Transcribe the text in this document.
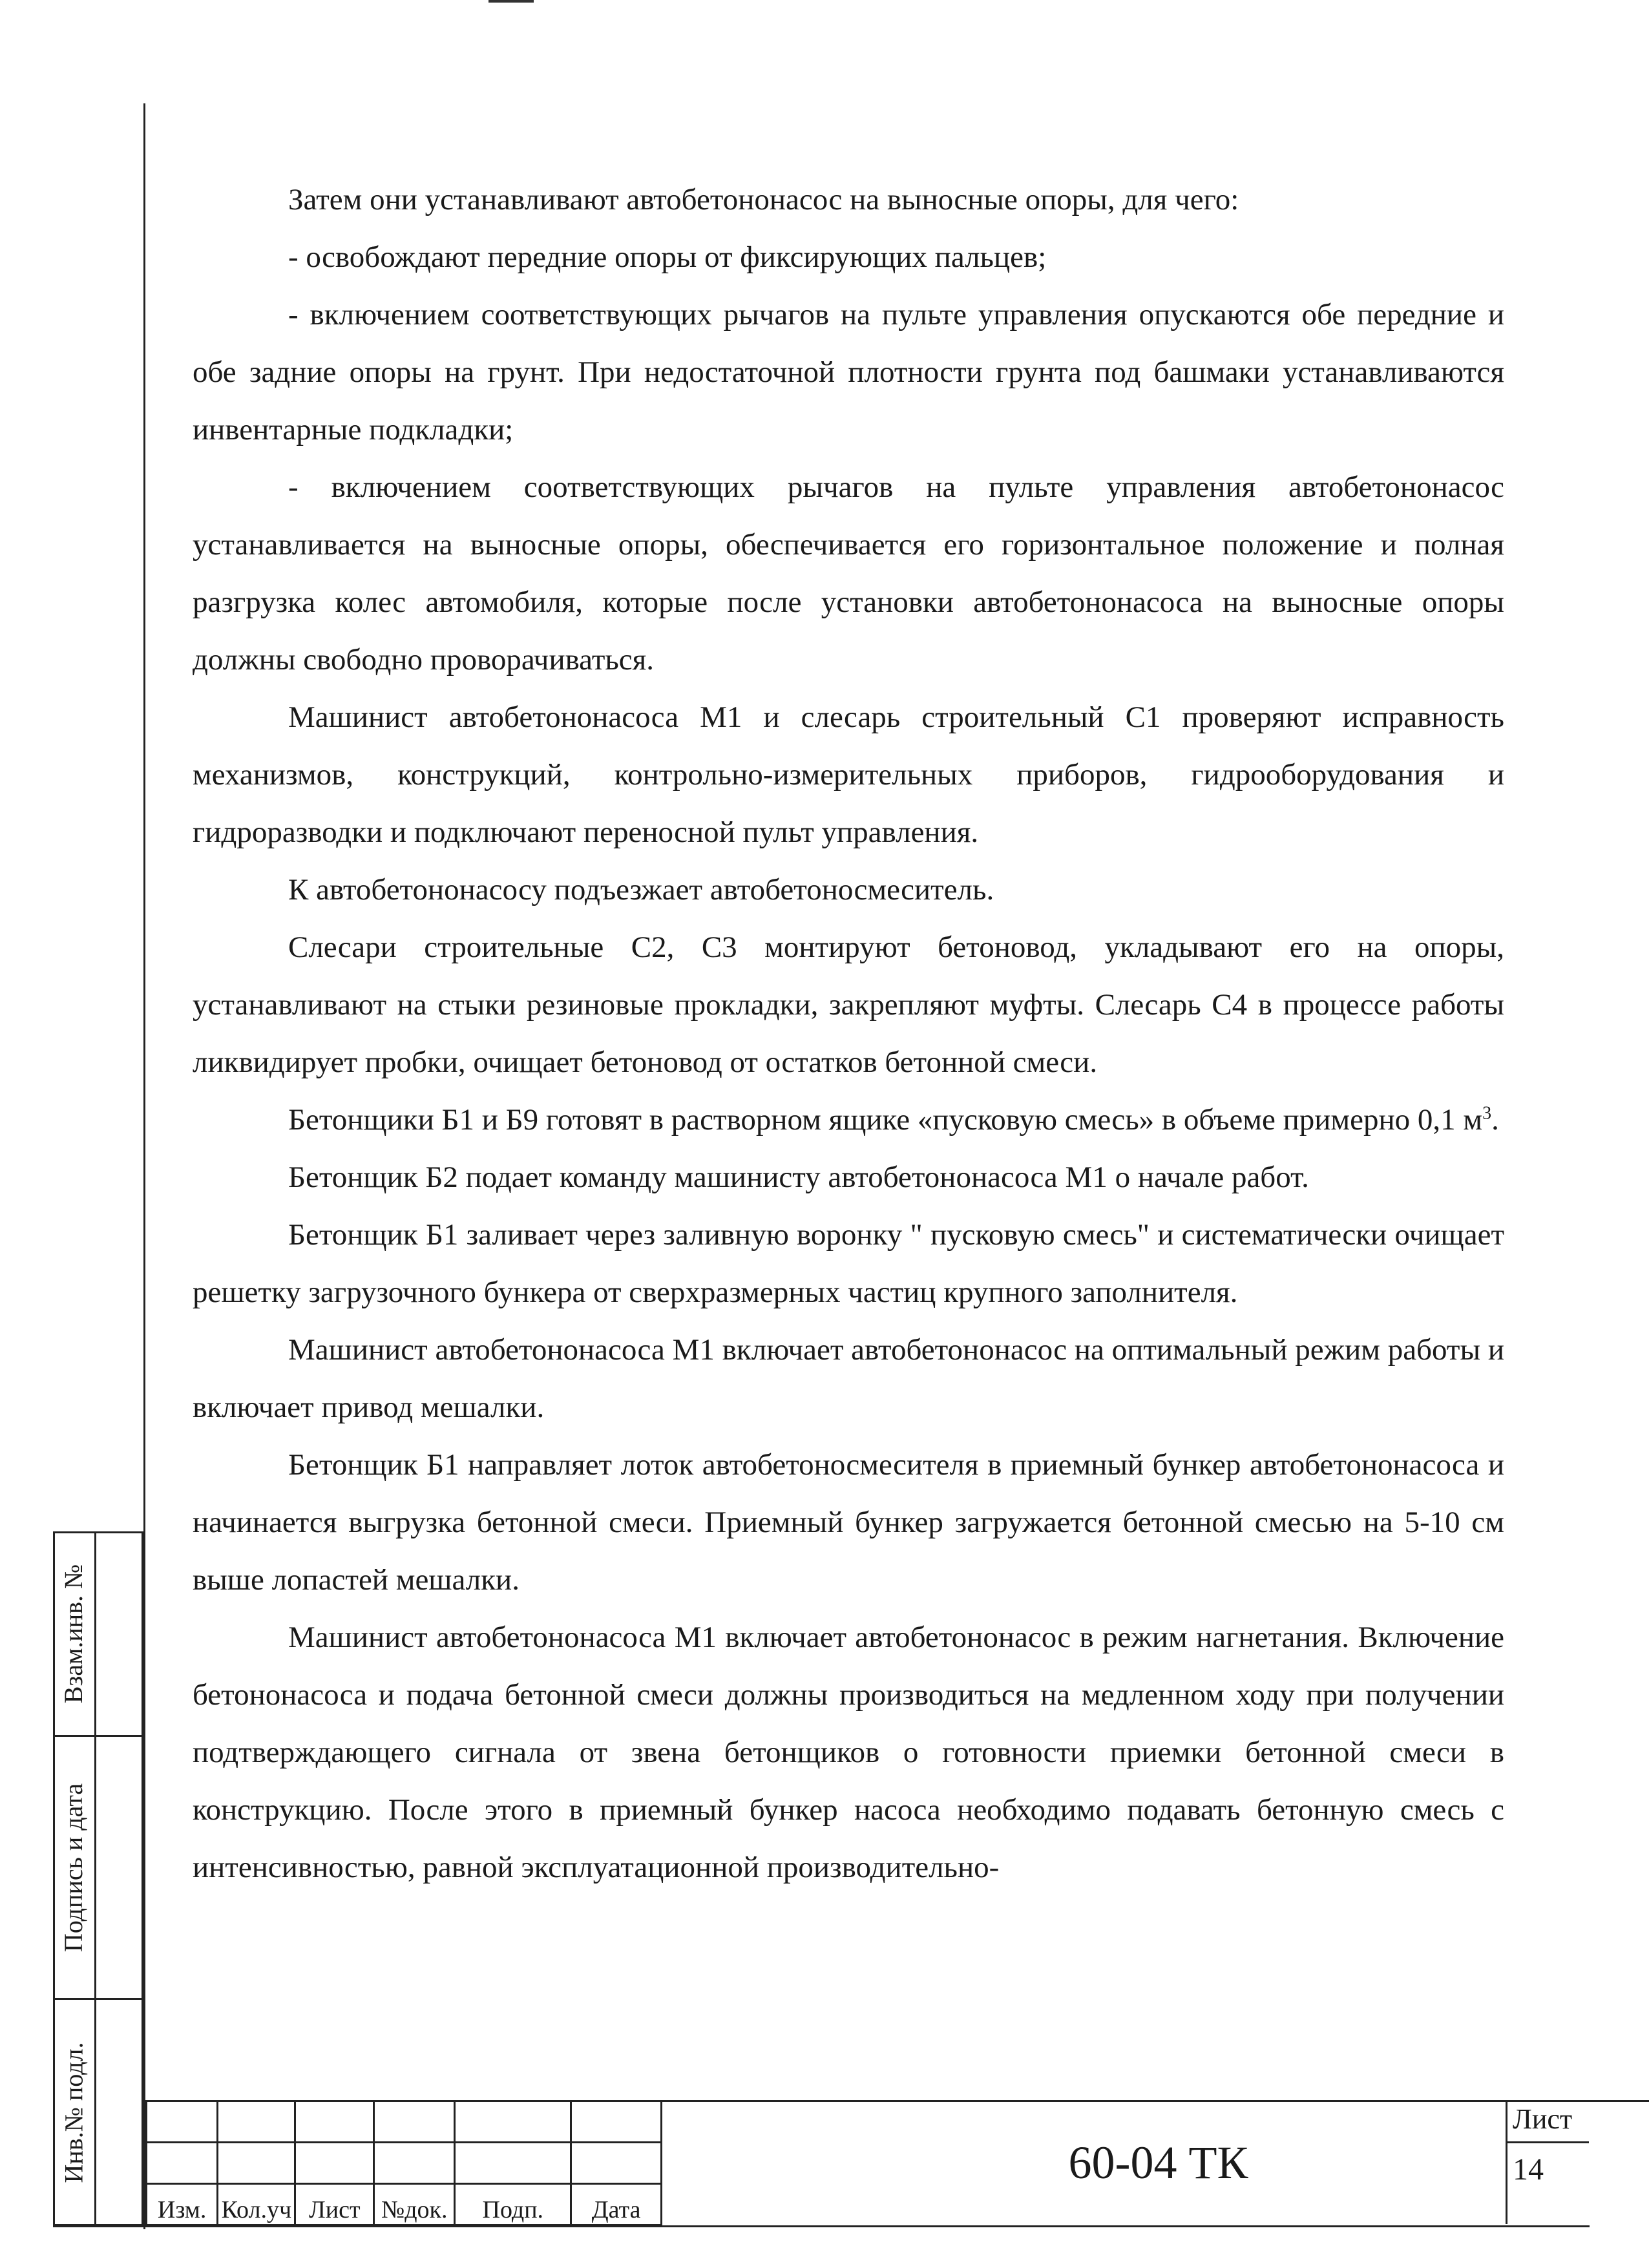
Затем они устанавливают автобетононасос на выносные опоры, для чего:

- освобождают передние опоры от фиксирующих пальцев;

- включением соответствующих рычагов на пульте управления опускаются обе передние и обе задние опоры на грунт. При недостаточной плотности грунта под башмаки устанавливаются инвентарные подкладки;

- включением соответствующих рычагов на пульте управления автобетононасос устанавливается на выносные опоры, обеспечивается его горизонтальное положение и полная разгрузка колес автомобиля, которые после установки автобетононасоса на выносные опоры должны свободно проворачиваться.

Машинист автобетононасоса М1 и слесарь строительный С1 проверяют исправность механизмов, конструкций, контрольно-измерительных приборов, гидрооборудования и гидроразводки и подключают переносной пульт управления.

К автобетононасосу подъезжает автобетоносмеситель.

Слесари строительные С2, С3 монтируют бетоновод, укладывают его на опоры, устанавливают на стыки резиновые прокладки, закрепляют муфты. Слесарь С4 в процессе работы ликвидирует пробки, очищает бетоновод от остатков бетонной смеси.

Бетонщики Б1 и Б9 готовят в растворном ящике «пусковую смесь» в объеме примерно 0,1 $м^3$.

Бетонщик Б2 подает команду машинисту автобетононасоса М1 о начале работ.

Бетонщик Б1 заливает через заливную воронку " пусковую смесь" и систематически очищает решетку загрузочного бункера от сверхразмерных частиц крупного заполнителя.

Машинист автобетононасоса М1 включает автобетононасос на оптимальный режим работы и включает привод мешалки.

Бетонщик Б1 направляет лоток автобетоносмесителя в приемный бункер автобетононасоса и начинается выгрузка бетонной смеси. Приемный бункер загружается бетонной смесью на 5-10 см выше лопастей мешалки.

Машинист автобетононасоса М1 включает автобетононасос в режим нагнетания. Включение бетононасоса и подача бетонной смеси должны производиться на медленном ходу при получении подтверждающего сигнала от звена бетонщиков о готовности приемки бетонной смеси в конструкцию. После этого в приемный бункер насоса необходимо подавать бетонную смесь с интенсивностью, равной эксплуатационной производительно-

Взам.инв. №
Подпись и дата
Инв.№ подл.

Изм.	Кол.уч	Лист	№док.	Подп.	Дата
60-04 ТК
Лист
14
